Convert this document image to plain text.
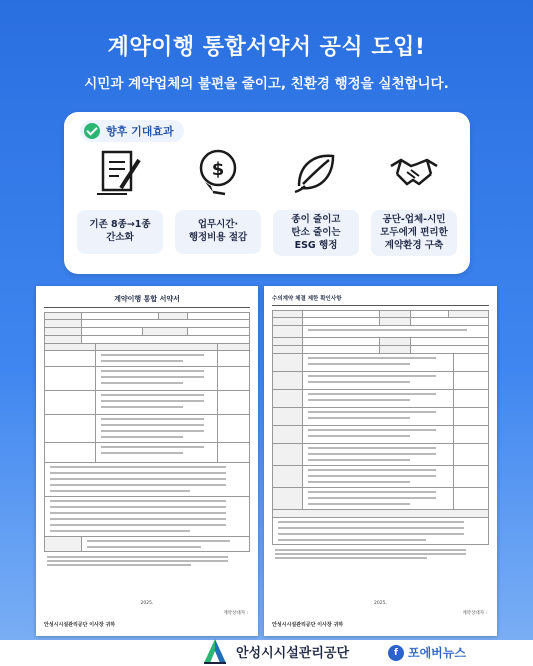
계약이행 통합서약서 공식 도입!
시민과 계약업체의 불편을 줄이고, 친환경 행정을 실천합니다.
향후 기대효과
기존 8종→1종
간소화
$
업무시간·
행정비용 절감
종이 줄이고
탄소 줄이는
ESG 행정
공단-업체-시민
모두에게 편리한
계약환경 구축
계약이행 통합 서약서
2025.
계약상대자 :
안성시시설관리공단 이사장 귀하
수의계약 체결 제한 확인사항
2025.
계약상대자 :
안성시시설관리공단 이사장 귀하
안성시시설관리공단	f 포에버뉴스
